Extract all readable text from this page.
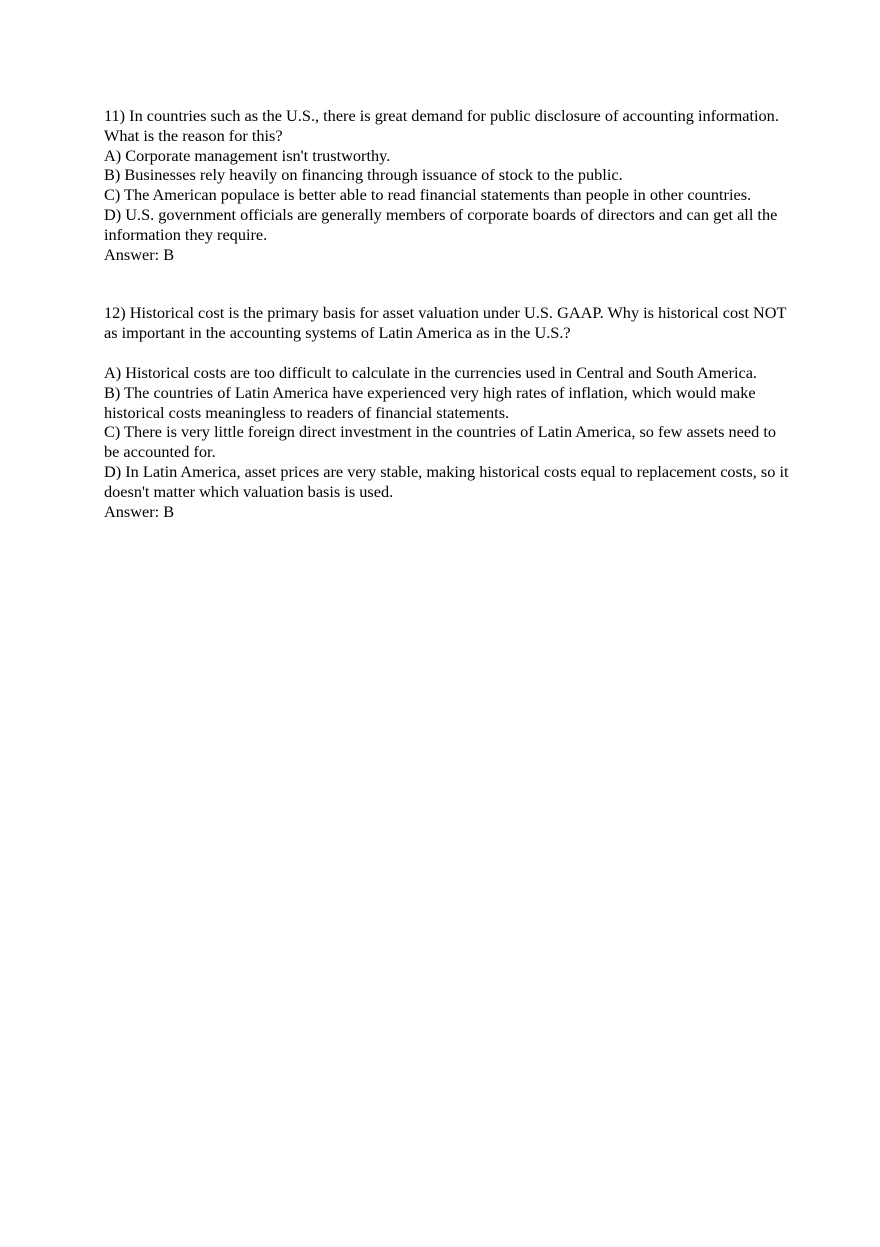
11) In countries such as the U.S., there is great demand for public disclosure of accounting information. What is the reason for this?

A) Corporate management isn't trustworthy.

B) Businesses rely heavily on financing through issuance of stock to the public.

C) The American populace is better able to read financial statements than people in other countries.

D) U.S. government officials are generally members of corporate boards of directors and can get all the information they require.

Answer: B

12) Historical cost is the primary basis for asset valuation under U.S. GAAP. Why is historical cost NOT as important in the accounting systems of Latin America as in the U.S.?

A) Historical costs are too difficult to calculate in the currencies used in Central and South America.

B) The countries of Latin America have experienced very high rates of inflation, which would make historical costs meaningless to readers of financial statements.

C) There is very little foreign direct investment in the countries of Latin America, so few assets need to be accounted for.

D) In Latin America, asset prices are very stable, making historical costs equal to replacement costs, so it doesn't matter which valuation basis is used.

Answer: B
